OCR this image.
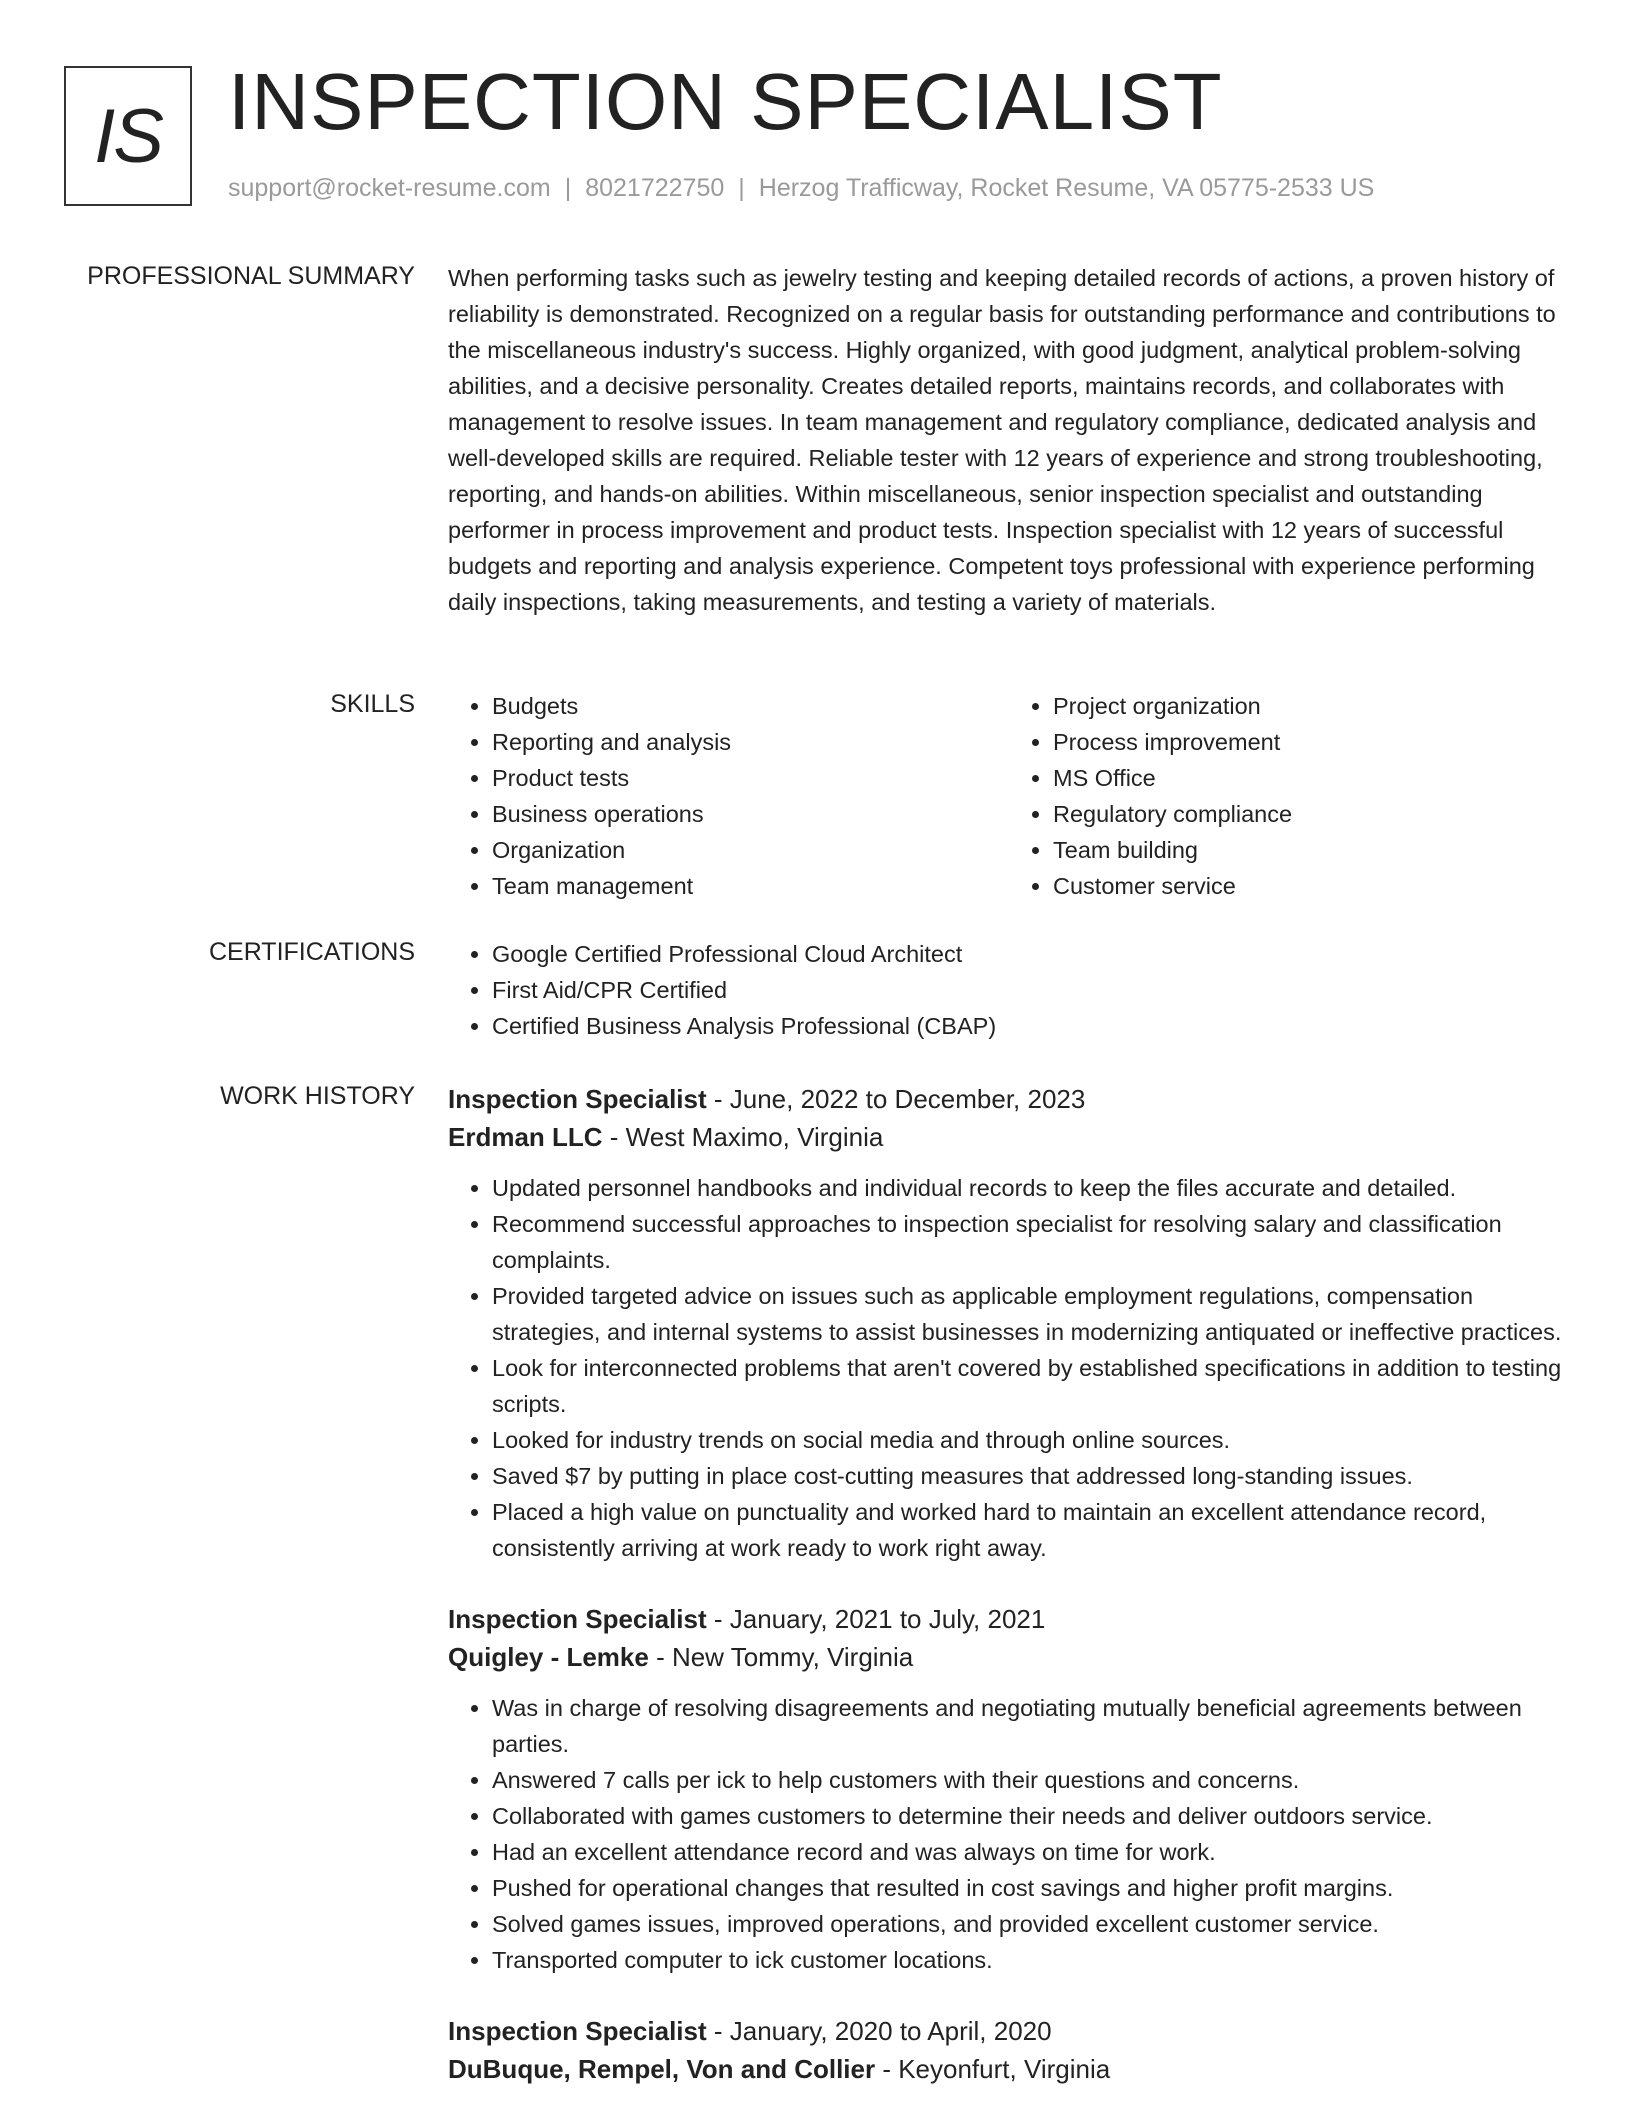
IS INSPECTION SPECIALIST
support@rocket-resume.com | 8021722750 | Herzog Trafficway, Rocket Resume, VA 05775-2533 US
PROFESSIONAL SUMMARY When performing tasks such as jewelry testing and keeping detailed records of actions, a proven history of reliability is demonstrated. Recognized on a regular basis for outstanding performance and contributions to the miscellaneous industry's success. Highly organized, with good judgment, analytical problem-solving abilities, and a decisive personality. Creates detailed reports, maintains records, and collaborates with management to resolve issues. In team management and regulatory compliance, dedicated analysis and well-developed skills are required. Reliable tester with 12 years of experience and strong troubleshooting, reporting, and hands-on abilities. Within miscellaneous, senior inspection specialist and outstanding performer in process improvement and product tests. Inspection specialist with 12 years of successful budgets and reporting and analysis experience. Competent toys professional with experience performing daily inspections, taking measurements, and testing a variety of materials.

SKILLS	• Budgets
• Reporting and analysis
• Product tests
• Business operations
• Organization
• Team management
• Project organization
• Process improvement
• MS Office
• Regulatory compliance
• Team building
• Customer service
CERTIFICATIONS	• Google Certified Professional Cloud Architect
• First Aid/CPR Certified
• Certified Business Analysis Professional (CBAP)
WORK HISTORY Inspection Specialist - June, 2022 to December, 2023
Erdman LLC - West Maximo, Virginia
• Updated personnel handbooks and individual records to keep the files accurate and detailed.
• Recommend successful approaches to inspection specialist for resolving salary and classification complaints.
• Provided targeted advice on issues such as applicable employment regulations, compensation strategies, and internal systems to assist businesses in modernizing antiquated or ineffective practices.
• Look for interconnected problems that aren't covered by established specifications in addition to testing scripts.
• Looked for industry trends on social media and through online sources.
• Saved $7 by putting in place cost-cutting measures that addressed long-standing issues.
• Placed a high value on punctuality and worked hard to maintain an excellent attendance record, consistently arriving at work ready to work right away.
Inspection Specialist - January, 2021 to July, 2021
Quigley - Lemke - New Tommy, Virginia
• Was in charge of resolving disagreements and negotiating mutually beneficial agreements between parties.
• Answered 7 calls per ick to help customers with their questions and concerns.
• Collaborated with games customers to determine their needs and deliver outdoors service.
• Had an excellent attendance record and was always on time for work.
• Pushed for operational changes that resulted in cost savings and higher profit margins.
• Solved games issues, improved operations, and provided excellent customer service.
• Transported computer to ick customer locations.
Inspection Specialist - January, 2020 to April, 2020
DuBuque, Rempel, Von and Collier - Keyonfurt, Virginia
